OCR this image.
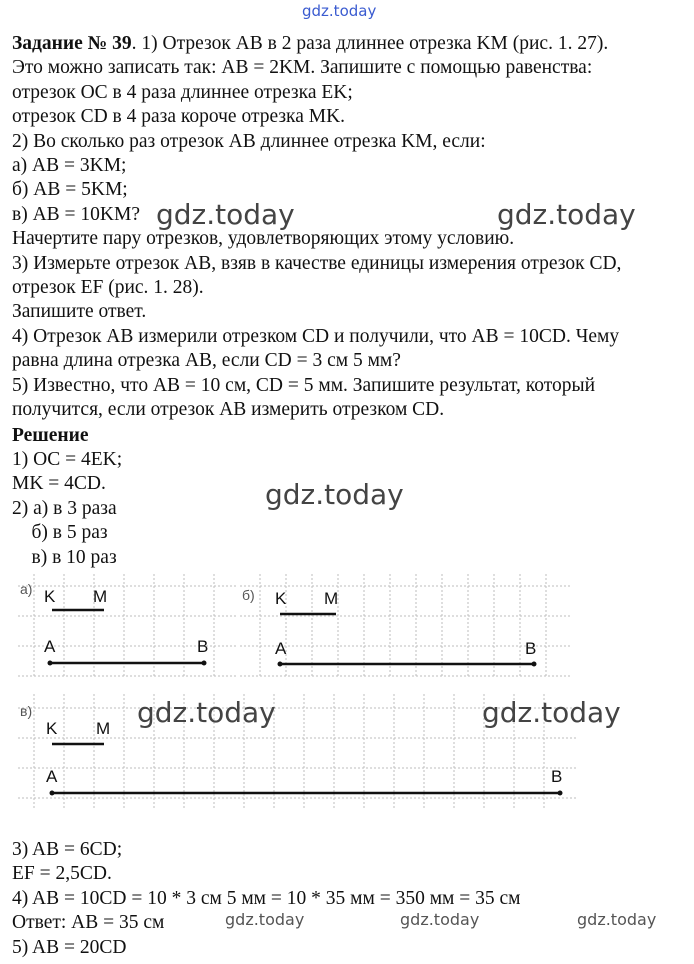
gdz.today
Задание № 39. 1) Отрезок AB в 2 раза длиннее отрезка KM (рис. 1. 27).
Это можно записать так: AB = 2KM. Запишите с помощью равенства:
отрезок OC в 4 раза длиннее отрезка EK;
отрезок CD в 4 раза короче отрезка MK.
2) Во сколько раз отрезок AB длиннее отрезка KM, если:
а) AB = 3KM;
б) AB = 5KM;
в) AB = 10KM?
Начертите пару отрезков, удовлетворяющих этому условию.
3) Измерьте отрезок AB, взяв в качестве единицы измерения отрезок CD,
отрезок EF (рис. 1. 28).
Запишите ответ.
4) Отрезок AB измерили отрезком CD и получили, что AB = 10CD. Чему
равна длина отрезка AB, если CD = 3 см 5 мм?
5) Известно, что AB = 10 см, CD = 5 мм. Запишите результат, который
получится, если отрезок AB измерить отрезком CD.
gdz.today	gdz.today
Решение
1) OC = 4EK;
MK = 4CD.
2) а) в 3 раза
б) в 5 раз
в) в 10 раз
gdz.today
а) K M
A	B
б) K M
A	B
в)
K M
A	B
gdz.today	gdz.today
3) AB = 6CD;
EF = 2,5CD.
4) AB = 10CD = 10 * 3 см 5 мм = 10 * 35 мм = 350 мм = 35 см
Ответ: AB = 35 см
5) AB = 20CD
gdz.today	gdz.today	gdz.today
